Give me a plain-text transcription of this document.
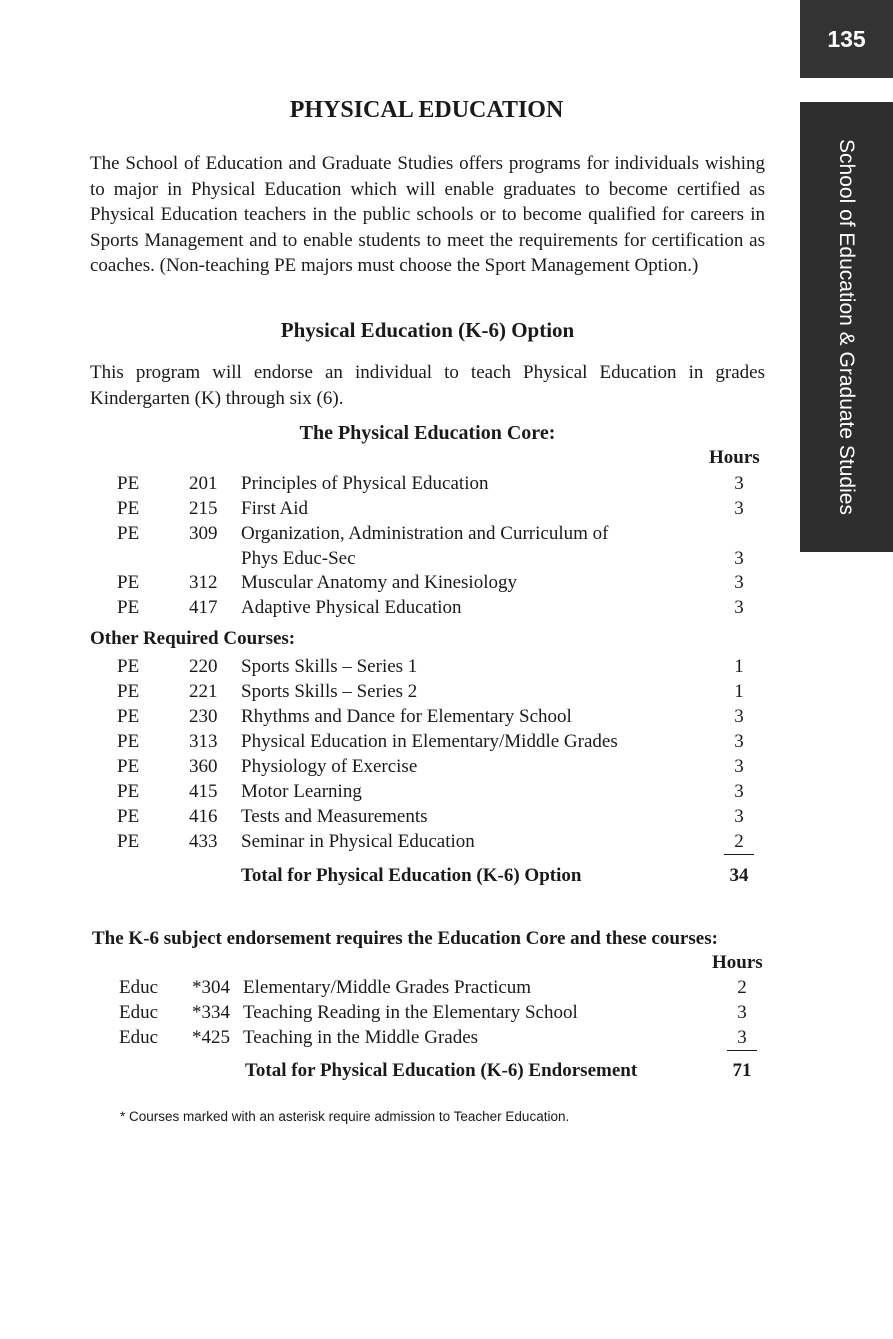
135
School of Education & Graduate Studies
PHYSICAL EDUCATION

The School of Education and Graduate Studies offers programs for individuals wishing to major in Physical Education which will enable graduates to become certified as Physical Education teachers in the public schools or to become qualified for careers in Sports Management and to enable students to meet the requirements for certification as coaches. (Non-teaching PE majors must choose the Sport Management Option.)

Physical Education (K-6) Option

This program will endorse an individual to teach Physical Education in grades Kindergarten (K) through six (6).

The Physical Education Core:
Hours
PE	201 Principles of Physical Education	3
PE	215 First Aid	3
PE	309 Organization, Administration and Curriculum of
Phys Educ-Sec	3
PE	312 Muscular Anatomy and Kinesiology	3
PE	417 Adaptive Physical Education	3
Other Required Courses:
PE	220 Sports Skills – Series 1	1
PE	221 Sports Skills – Series 2	1
PE	230 Rhythms and Dance for Elementary School	3
PE	313 Physical Education in Elementary/Middle Grades	3
PE	360 Physiology of Exercise	3
PE	415 Motor Learning	3
PE	416 Tests and Measurements	3
PE	433 Seminar in Physical Education	2
Total for Physical Education (K-6) Option	34
The K-6 subject endorsement requires the Education Core and these courses:
Hours
Educ *304 Elementary/Middle Grades Practicum	2
Educ *334 Teaching Reading in the Elementary School	3
Educ *425 Teaching in the Middle Grades	3
Total for Physical Education (K-6) Endorsement	71
* Courses marked with an asterisk require admission to Teacher Education.
